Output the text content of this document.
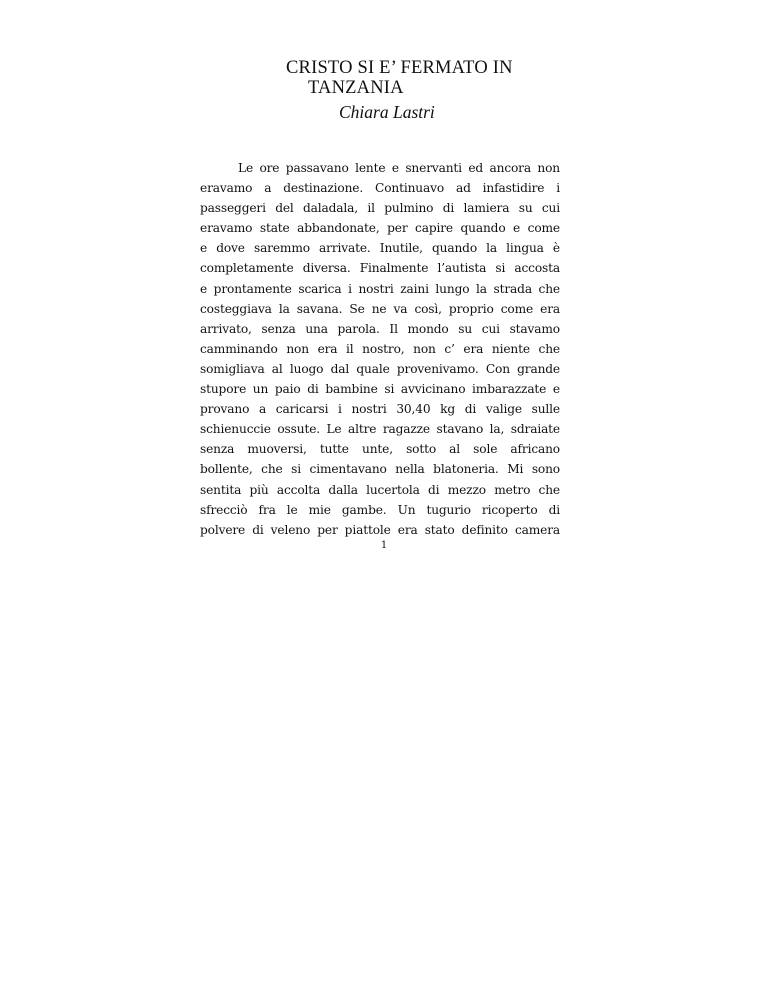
CRISTO SI E’ FERMATO IN
TANZANIA

Chiara Lastri

Le ore passavano lente e snervanti ed ancora non
eravamo a destinazione. Continuavo ad infastidire i
passeggeri del daladala, il pulmino di lamiera su cui
eravamo state abbandonate, per capire quando e come
e dove saremmo arrivate. Inutile, quando la lingua è
completamente diversa. Finalmente l’autista si accosta
e prontamente scarica i nostri zaini lungo la strada che
costeggiava la savana. Se ne va così, proprio come era
arrivato, senza una parola. Il mondo su cui stavamo
camminando non era il nostro, non c’ era niente che
somigliava al luogo dal quale provenivamo. Con grande
stupore un paio di bambine si avvicinano imbarazzate e
provano a caricarsi i nostri 30,40 kg di valige sulle
schienuccie ossute. Le altre ragazze stavano la, sdraiate
senza muoversi, tutte unte, sotto al sole africano
bollente, che si cimentavano nella blatoneria. Mi sono
sentita più accolta dalla lucertola di mezzo metro che
sfrecciò fra le mie gambe. Un tugurio ricoperto di
polvere di veleno per piattole era stato definito camera

1
